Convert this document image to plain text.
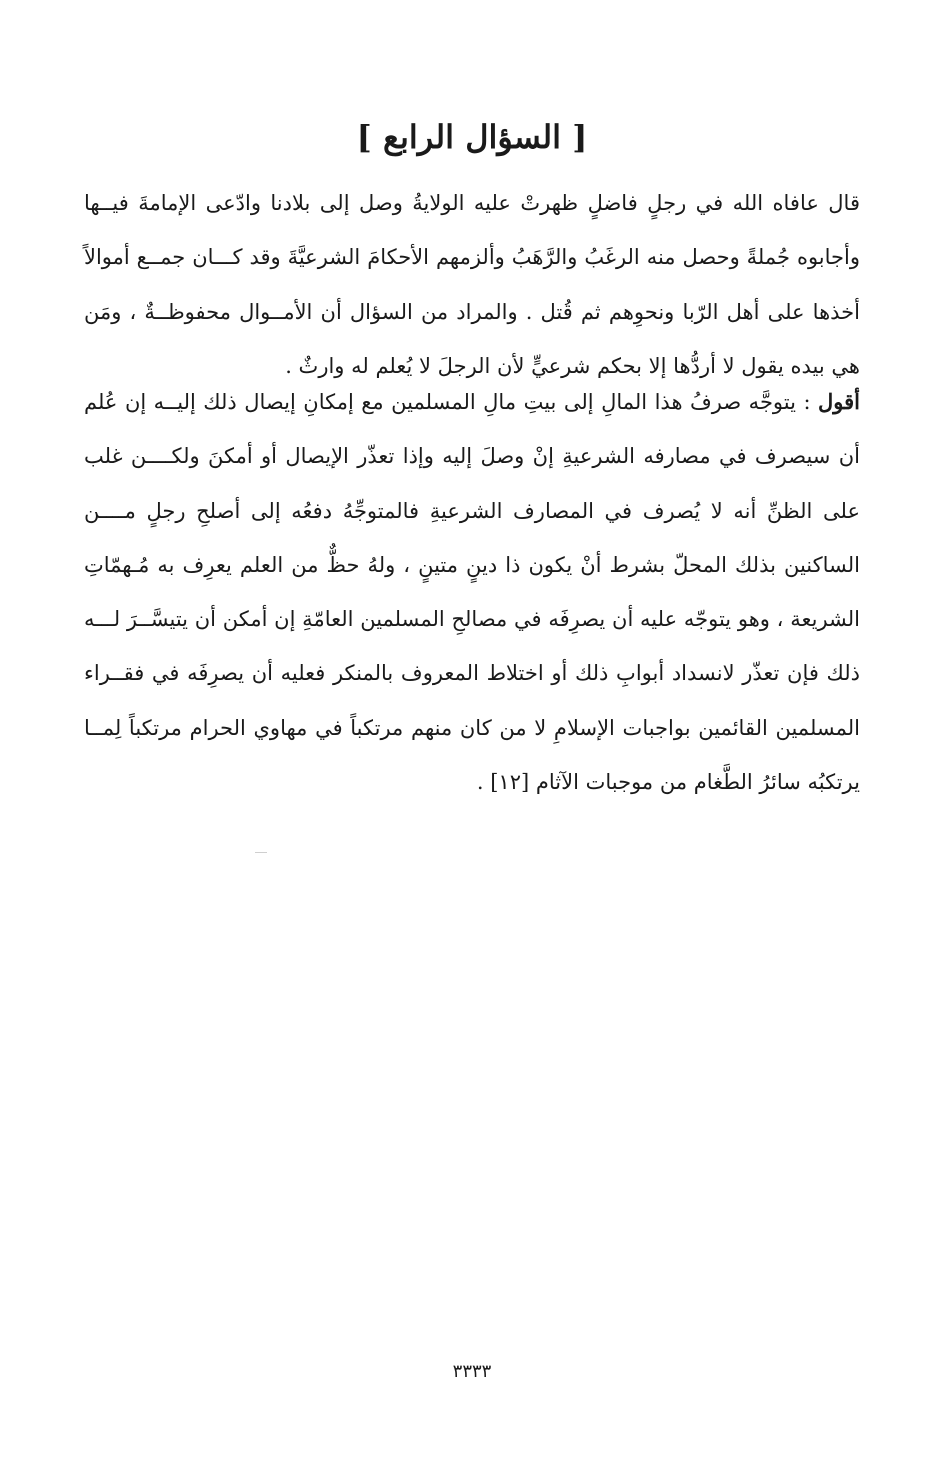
[ السؤال الرابع ]

قال عافاه الله في رجلٍ فاضلٍ ظهرتْ عليه الولايةُ وصل إلى بلادنا وادّعى الإمامةَ فيــها وأجابوه جُملةً وحصل منه الرغَبُ والرَّهَبُ وألزمهم الأحكامَ الشرعيَّةَ وقد كـــان جمــع أموالاً أخذها على أهل الرّبا ونحوِهم ثم قُتل . والمراد من السؤال أن الأمــوال محفوظــةٌ ، ومَن هي بيده يقول لا أردُّها إلا بحكم شرعيٍّ لأن الرجلَ لا يُعلم له وارثٌ .

أقول : يتوجَّه صرفُ هذا المالِ إلى بيتِ مالِ المسلمين مع إمكانِ إيصال ذلك إليــه إن عُلم أن سيصرف في مصارفه الشرعيةِ إنْ وصلَ إليه وإذا تعذّر الإيصال أو أمكنَ ولكــــن غلب على الظنِّ أنه لا يُصرف في المصارف الشرعيةِ فالمتوجِّهُ دفعُه إلى أصلحِ رجلٍ مــــن الساكنين بذلك المحلّ بشرط أنْ يكون ذا دينٍ متينٍ ، ولهُ حظٌّ من العلم يعرِف به مُـهمّاتِ الشريعة ، وهو يتوجّه عليه أن يصرِفَه في مصالحِ المسلمين العامّةِ إن أمكن أن يتيسَّــرَ لـــه ذلك فإن تعذّر لانسداد أبوابِ ذلك أو اختلاط المعروف بالمنكر فعليه أن يصرِفَه في فقــراء المسلمين القائمين بواجبات الإسلامِ لا من كان منهم مرتكباً في مهاوي الحرام مرتكباً لِمــا يرتكبُه سائرُ الطَّغام من موجبات الآثام [١٢] .

٣٣٣٣
